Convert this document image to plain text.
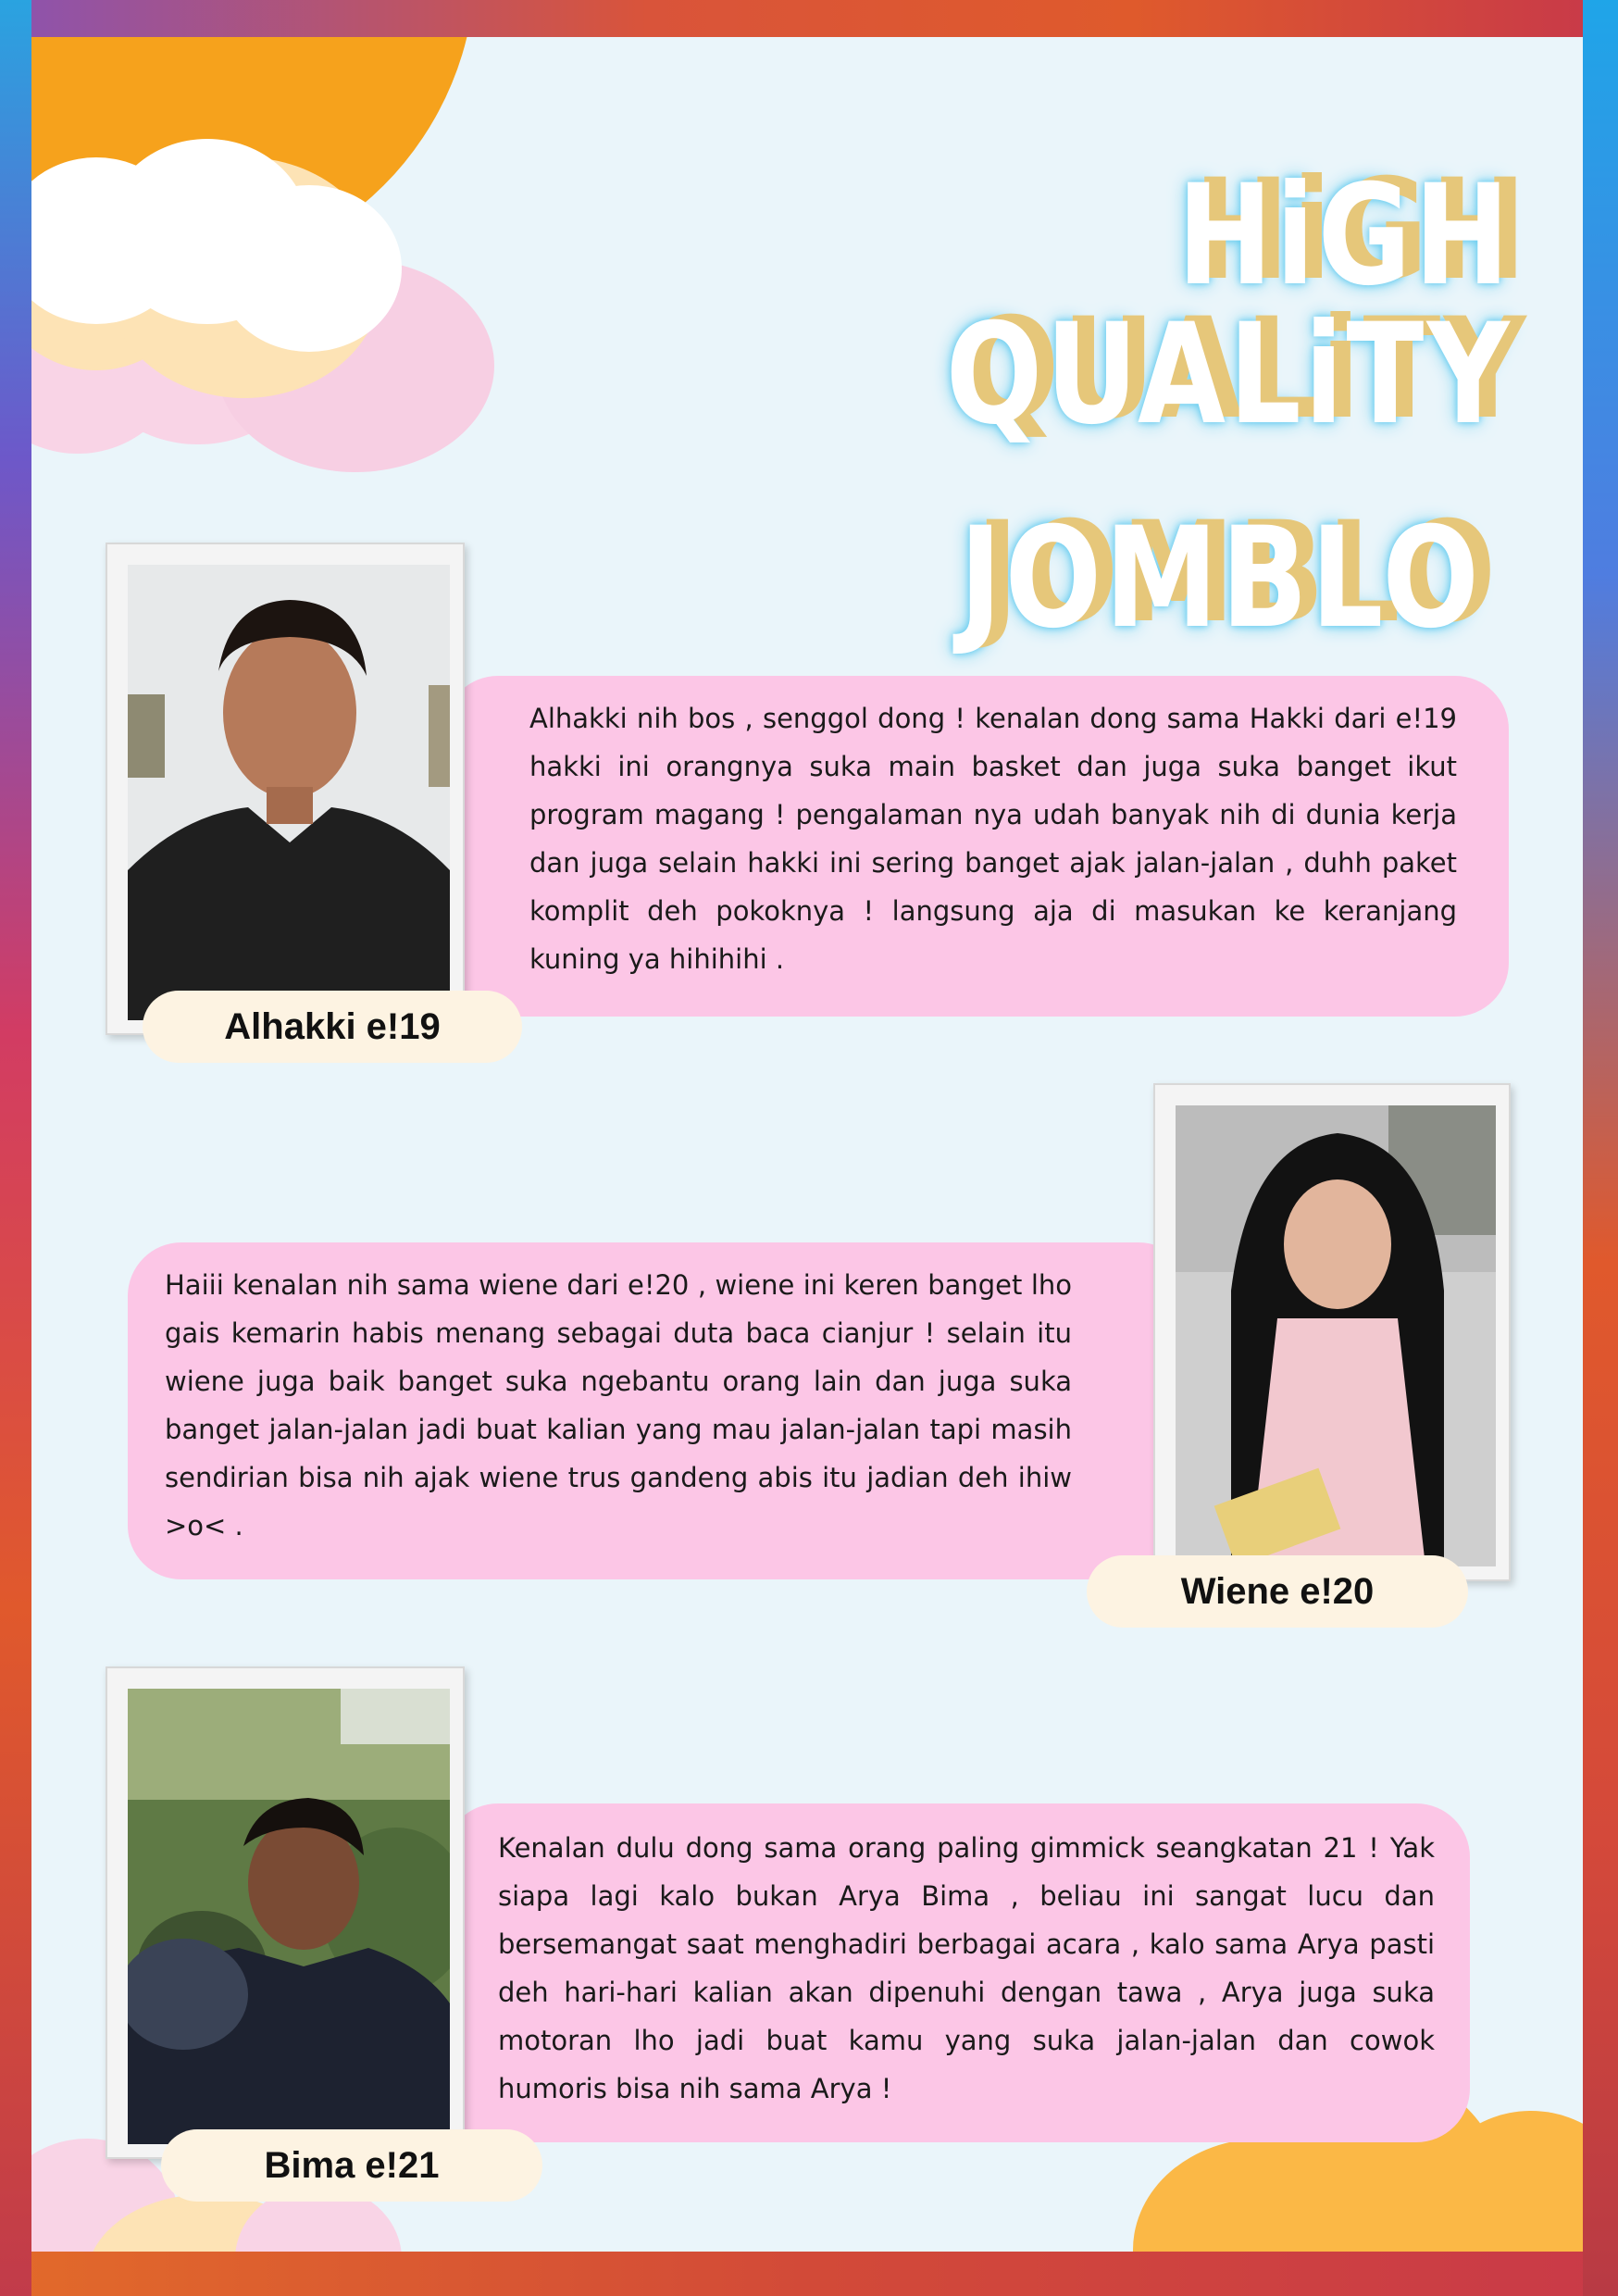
HiGH QUALiTY
JOMBLO
Alhakki nih bos , senggol dong ! kenalan dong sama Hakki dari e!19 hakki ini orangnya suka main basket dan juga suka banget ikut program magang ! pengalaman nya udah banyak nih di dunia kerja dan juga selain hakki ini sering banget ajak jalan-jalan , duhh paket komplit deh pokoknya ! langsung aja di masukan ke keranjang kuning ya hihihihi .
Alhakki e!19
Haiii kenalan nih sama wiene dari e!20 , wiene ini keren banget lho gais kemarin habis menang sebagai duta baca cianjur ! selain itu wiene juga baik banget suka ngebantu orang lain dan juga suka banget jalan-jalan jadi buat kalian yang mau jalan-jalan tapi masih sendirian bisa nih ajak wiene trus gandeng abis itu jadian deh ihiw >o< .
Wiene e!20
Kenalan dulu dong sama orang paling gimmick seangkatan 21 ! Yak siapa lagi kalo bukan Arya Bima , beliau ini sangat lucu dan bersemangat saat menghadiri berbagai acara , kalo sama Arya pasti deh hari-hari kalian akan dipenuhi dengan tawa , Arya juga suka motoran lho jadi buat kamu yang suka jalan-jalan dan cowok humoris bisa nih sama Arya !
Bima e!21
